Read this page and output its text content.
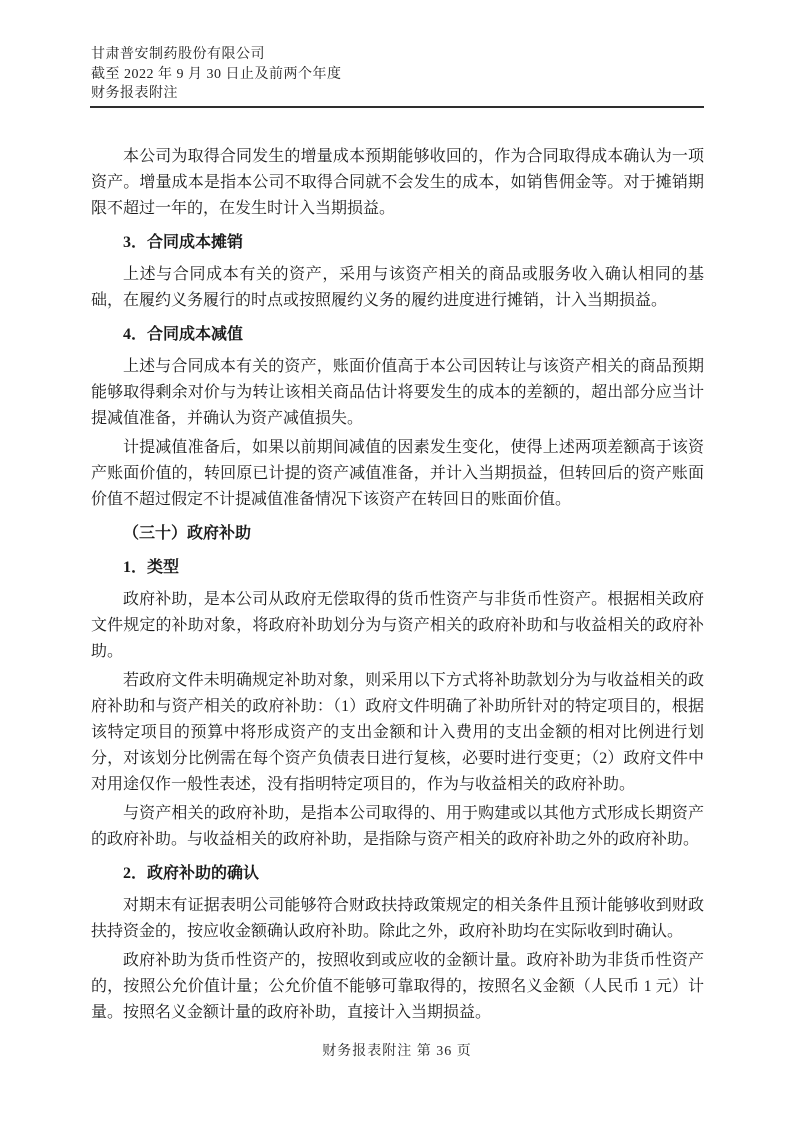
甘肃普安制药股份有限公司
截至 2022 年 9 月 30 日止及前两个年度
财务报表附注

本公司为取得合同发生的增量成本预期能够收回的，作为合同取得成本确认为一项资产。增量成本是指本公司不取得合同就不会发生的成本，如销售佣金等。对于摊销期限不超过一年的，在发生时计入当期损益。

3．合同成本摊销

上述与合同成本有关的资产，采用与该资产相关的商品或服务收入确认相同的基础，在履约义务履行的时点或按照履约义务的履约进度进行摊销，计入当期损益。

4．合同成本减值

上述与合同成本有关的资产，账面价值高于本公司因转让与该资产相关的商品预期能够取得剩余对价与为转让该相关商品估计将要发生的成本的差额的，超出部分应当计提减值准备，并确认为资产减值损失。

计提减值准备后，如果以前期间减值的因素发生变化，使得上述两项差额高于该资产账面价值的，转回原已计提的资产减值准备，并计入当期损益，但转回后的资产账面价值不超过假定不计提减值准备情况下该资产在转回日的账面价值。

（三十）政府补助

1．类型

政府补助，是本公司从政府无偿取得的货币性资产与非货币性资产。根据相关政府文件规定的补助对象，将政府补助划分为与资产相关的政府补助和与收益相关的政府补助。

若政府文件未明确规定补助对象，则采用以下方式将补助款划分为与收益相关的政府补助和与资产相关的政府补助：（1）政府文件明确了补助所针对的特定项目的，根据该特定项目的预算中将形成资产的支出金额和计入费用的支出金额的相对比例进行划分，对该划分比例需在每个资产负债表日进行复核，必要时进行变更；（2）政府文件中对用途仅作一般性表述，没有指明特定项目的，作为与收益相关的政府补助。

与资产相关的政府补助，是指本公司取得的、用于购建或以其他方式形成长期资产的政府补助。与收益相关的政府补助，是指除与资产相关的政府补助之外的政府补助。

2．政府补助的确认

对期末有证据表明公司能够符合财政扶持政策规定的相关条件且预计能够收到财政扶持资金的，按应收金额确认政府补助。除此之外，政府补助均在实际收到时确认。

政府补助为货币性资产的，按照收到或应收的金额计量。政府补助为非货币性资产的，按照公允价值计量；公允价值不能够可靠取得的，按照名义金额（人民币 1 元）计量。按照名义金额计量的政府补助，直接计入当期损益。

财务报表附注 第 36 页
